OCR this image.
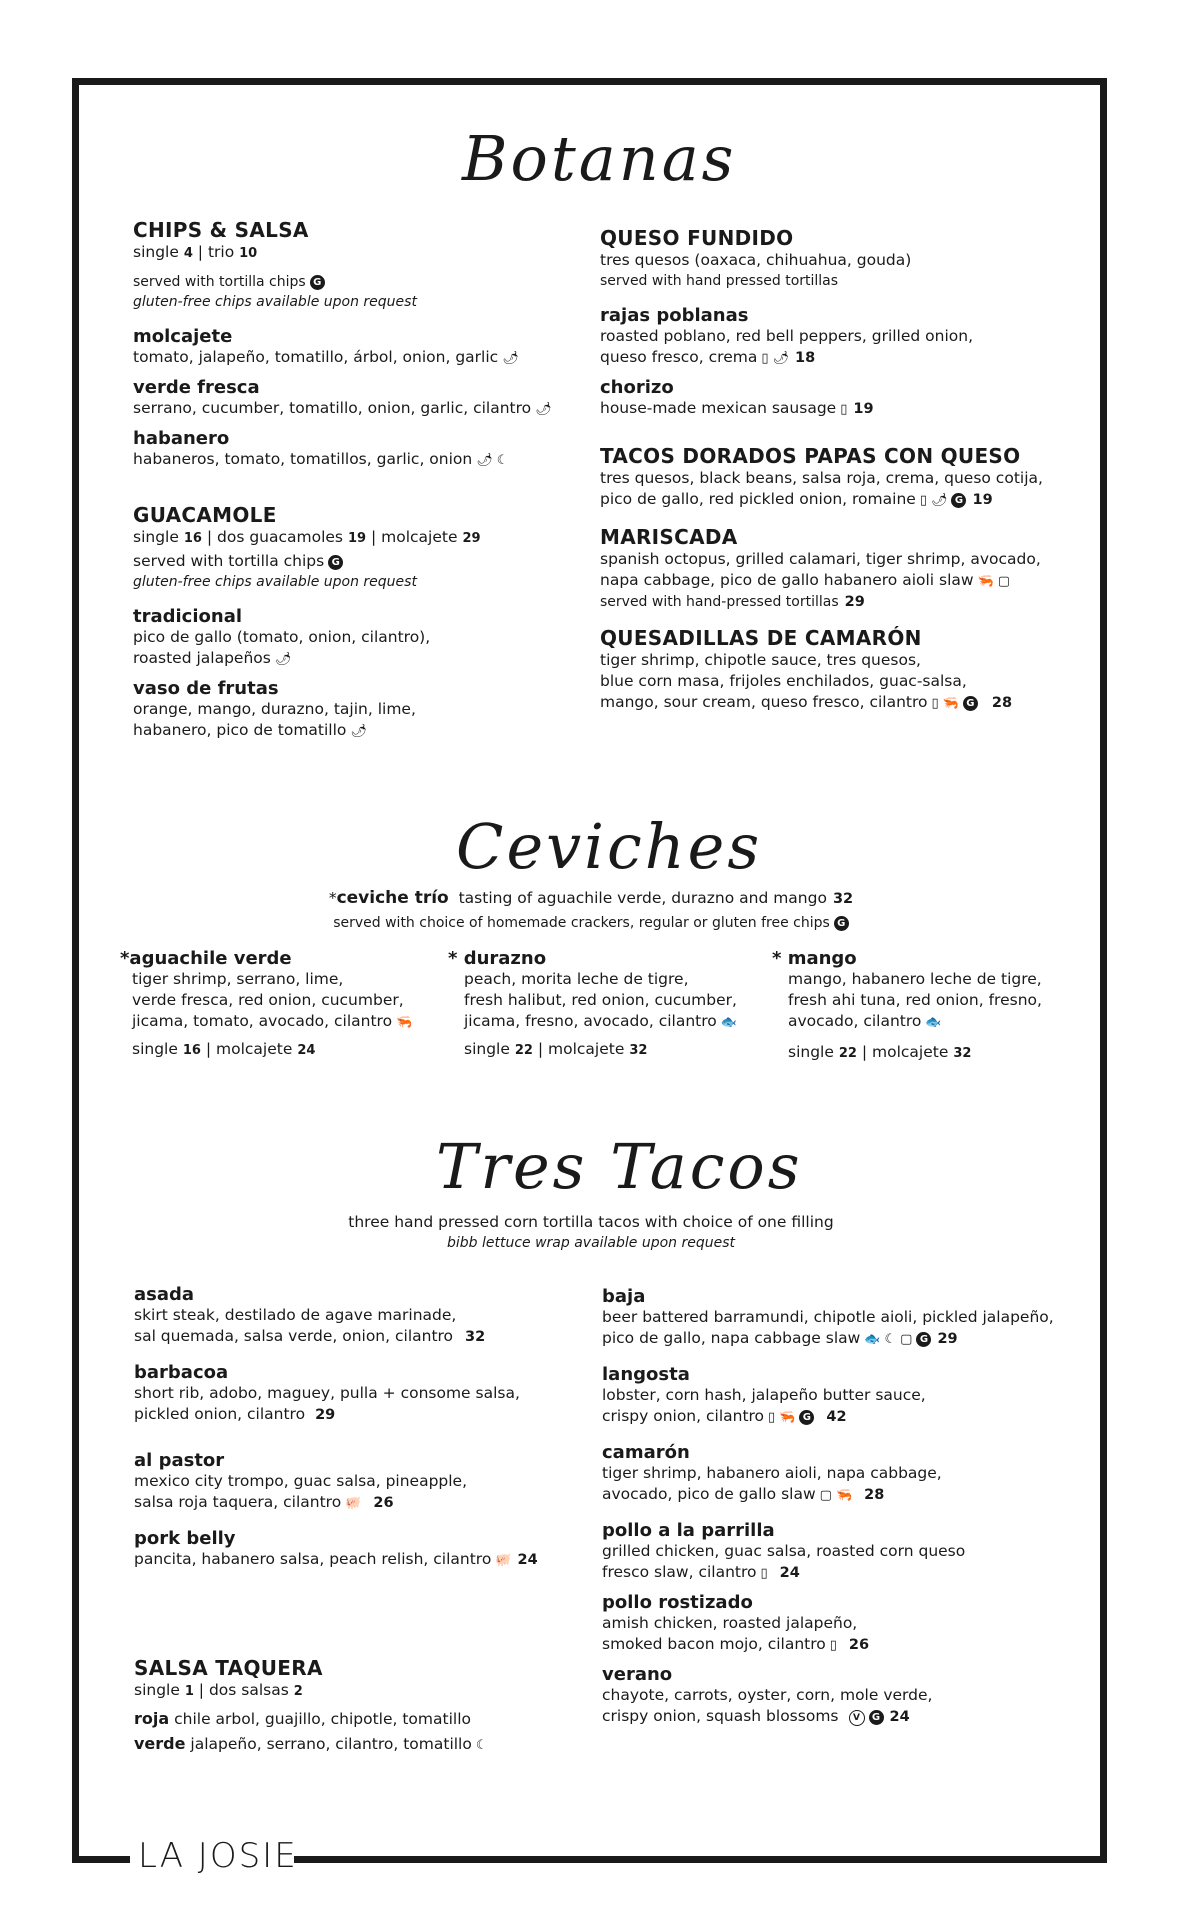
LA JOSIE
Botanas

CHIPS & SALSA

single 4 | trio 10

served with tortilla chips G

gluten-free chips available upon request

molcajete

tomato, jalapeño, tomatillo, árbol, onion, garlic 🌶

verde fresca

serrano, cucumber, tomatillo, onion, garlic, cilantro 🌶

habanero

habaneros, tomato, tomatillos, garlic, onion 🌶 ☾

GUACAMOLE

single 16 | dos guacamoles 19 | molcajete 29

served with tortilla chips G

gluten-free chips available upon request

tradicional

pico de gallo (tomato, onion, cilantro),

roasted jalapeños 🌶

vaso de frutas

orange, mango, durazno, tajin, lime,

habanero, pico de tomatillo 🌶

QUESO FUNDIDO

tres quesos (oaxaca, chihuahua, gouda)

served with hand pressed tortillas

rajas poblanas

roasted poblano, red bell peppers, grilled onion,

queso fresco, crema ▯ 🌶 18

chorizo

house-made mexican sausage ▯ 19

TACOS DORADOS PAPAS CON QUESO

tres quesos, black beans, salsa roja, crema, queso cotija,

pico de gallo, red pickled onion, romaine ▯ 🌶 G 19

MARISCADA

spanish octopus, grilled calamari, tiger shrimp, avocado,

napa cabbage, pico de gallo habanero aioli slaw 🦐 ▢

served with hand-pressed tortillas 29

QUESADILLAS DE CAMARÓN

tiger shrimp, chipotle sauce, tres quesos,

blue corn masa, frijoles enchilados, guac-salsa,

mango, sour cream, queso fresco, cilantro ▯ 🦐 G 28

Ceviches

*ceviche trío tasting of aguachile verde, durazno and mango 32

served with choice of homemade crackers, regular or gluten free chips G

*aguachile verde

tiger shrimp, serrano, lime,

verde fresca, red onion, cucumber,

jicama, tomato, avocado, cilantro 🦐

single 16 | molcajete 24

* durazno

peach, morita leche de tigre,

fresh halibut, red onion, cucumber,

jicama, fresno, avocado, cilantro 🐟

single 22 | molcajete 32

* mango

mango, habanero leche de tigre,

fresh ahi tuna, red onion, fresno,

avocado, cilantro 🐟

single 22 | molcajete 32

Tres Tacos

three hand pressed corn tortilla tacos with choice of one filling

bibb lettuce wrap available upon request

asada

skirt steak, destilado de agave marinade,

sal quemada, salsa verde, onion, cilantro 32

barbacoa

short rib, adobo, maguey, pulla + consome salsa,

pickled onion, cilantro 29

al pastor

mexico city trompo, guac salsa, pineapple,

salsa roja taquera, cilantro 🐖 26

pork belly

pancita, habanero salsa, peach relish, cilantro 🐖 24

SALSA TAQUERA

single 1 | dos salsas 2

roja chile arbol, guajillo, chipotle, tomatillo

verde jalapeño, serrano, cilantro, tomatillo ☾

baja

beer battered barramundi, chipotle aioli, pickled jalapeño,

pico de gallo, napa cabbage slaw 🐟 ☾ ▢ G 29

langosta

lobster, corn hash, jalapeño butter sauce,

crispy onion, cilantro ▯ 🦐 G 42

camarón

tiger shrimp, habanero aioli, napa cabbage,

avocado, pico de gallo slaw ▢ 🦐 28

pollo a la parrilla

grilled chicken, guac salsa, roasted corn queso

fresco slaw, cilantro ▯ 24

pollo rostizado

amish chicken, roasted jalapeño,

smoked bacon mojo, cilantro ▯ 26

verano

chayote, carrots, oyster, corn, mole verde,

crispy onion, squash blossoms V G 24
